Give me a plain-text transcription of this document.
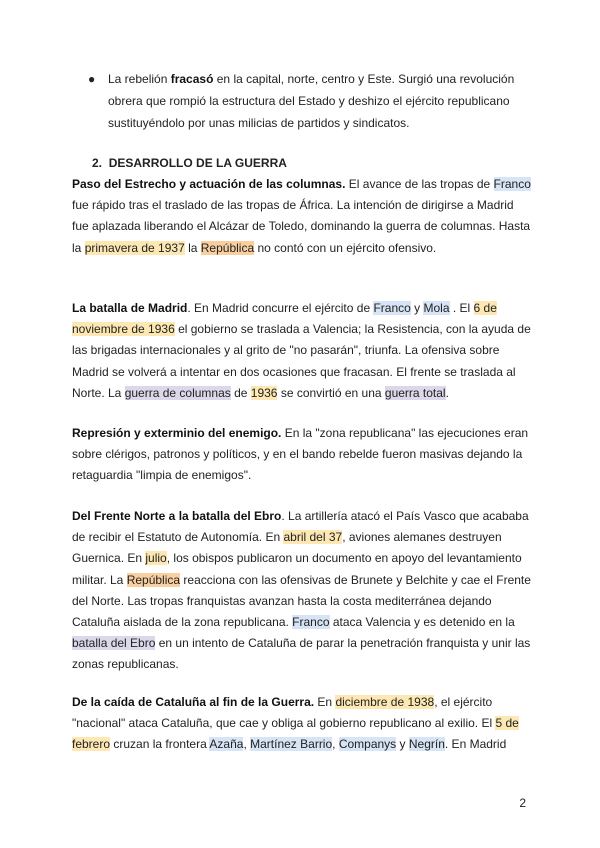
● La rebelión fracasó en la capital, norte, centro y Este. Surgió una revolución obrera que rompió la estructura del Estado y deshizo el ejército republicano sustituyéndolo por unas milicias de partidos y sindicatos.
2. DESARROLLO DE LA GUERRA
Paso del Estrecho y actuación de las columnas. El avance de las tropas de Franco fue rápido tras el traslado de las tropas de África. La intención de dirigirse a Madrid fue aplazada liberando el Alcázar de Toledo, dominando la guerra de columnas. Hasta la primavera de 1937 la República no contó con un ejército ofensivo.
La batalla de Madrid. En Madrid concurre el ejército de Franco y Mola . El 6 de noviembre de 1936 el gobierno se traslada a Valencia; la Resistencia, con la ayuda de las brigadas internacionales y al grito de "no pasarán", triunfa. La ofensiva sobre Madrid se volverá a intentar en dos ocasiones que fracasan. El frente se traslada al Norte. La guerra de columnas de 1936 se convirtió en una guerra total.
Represión y exterminio del enemigo. En la "zona republicana" las ejecuciones eran sobre clérigos, patronos y políticos, y en el bando rebelde fueron masivas dejando la retaguardia "limpia de enemigos".
Del Frente Norte a la batalla del Ebro. La artillería atacó el País Vasco que acababa de recibir el Estatuto de Autonomía. En abril del 37, aviones alemanes destruyen Guernica. En julio, los obispos publicaron un documento en apoyo del levantamiento militar. La República reacciona con las ofensivas de Brunete y Belchite y cae el Frente del Norte. Las tropas franquistas avanzan hasta la costa mediterránea dejando Cataluña aislada de la zona republicana. Franco ataca Valencia y es detenido en la batalla del Ebro en un intento de Cataluña de parar la penetración franquista y unir las zonas republicanas.
De la caída de Cataluña al fin de la Guerra. En diciembre de 1938, el ejército "nacional" ataca Cataluña, que cae y obliga al gobierno republicano al exilio. El 5 de febrero cruzan la frontera Azaña, Martínez Barrio, Companys y Negrín. En Madrid
2
